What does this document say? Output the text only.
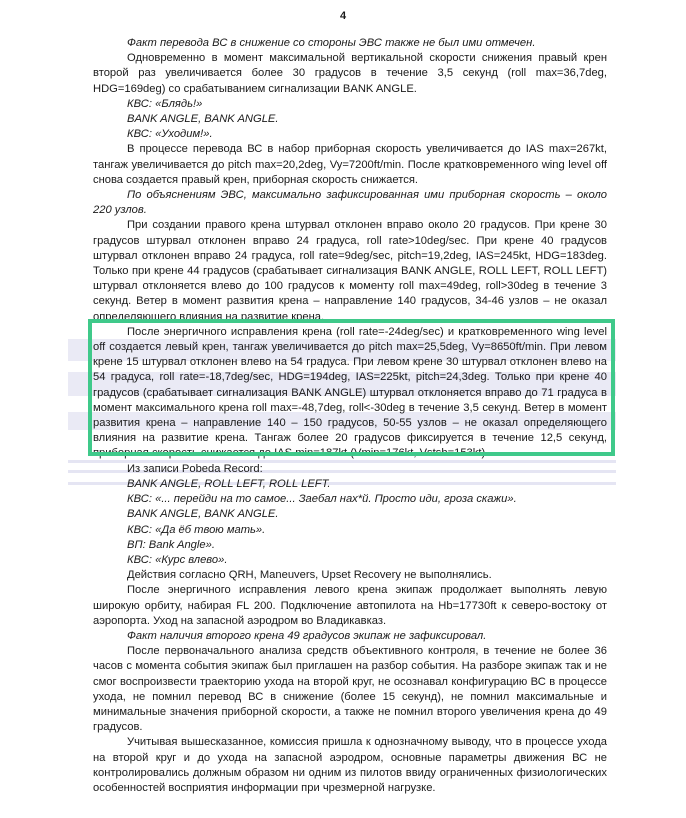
4

Факт перевода ВС в снижение со стороны ЭВС также не был ими отмечен.

Одновременно в момент максимальной вертикальной скорости снижения правый крен второй раз увеличивается более 30 градусов в течение 3,5 секунд (roll max=36,7deg, HDG=169deg) со срабатыванием сигнализации BANK ANGLE.

КВС: «Блядь!»

BANK ANGLE, BANK ANGLE.

КВС: «Уходим!».

В процессе перевода ВС в набор приборная скорость увеличивается до IAS max=267kt, тангаж увеличивается до pitch max=20,2deg, Vy=7200ft/min. После кратковременного wing level off снова создается правый крен, приборная скорость снижается.

По объяснениям ЭВС, максимально зафиксированная ими приборная скорость – около 220 узлов.

При создании правого крена штурвал отклонен вправо около 20 градусов. При крене 30 градусов штурвал отклонен вправо 24 градуса, roll rate>10deg/sec. При крене 40 градусов штурвал отклонен вправо 24 градуса, roll rate=9deg/sec, pitch=19,2deg, IAS=245kt, HDG=183deg. Только при крене 44 градусов (срабатывает сигнализация BANK ANGLE, ROLL LEFT, ROLL LEFT) штурвал отклоняется влево до 100 градусов к моменту roll max=49deg, roll>30deg в течение 3 секунд. Ветер в момент развития крена – направление 140 градусов, 34-46 узлов – не оказал определяющего влияния на развитие крена.

После энергичного исправления крена (roll rate=-24deg/sec) и кратковременного wing level off создается левый крен, тангаж увеличивается до pitch max=25,5deg, Vy=8650ft/min. При левом крене 15 штурвал отклонен влево на 54 градуса. При левом крене 30 штурвал отклонен влево на 54 градуса, roll rate=-18,7deg/sec, HDG=194deg, IAS=225kt, pitch=24,3deg. Только при крене 40 градусов (срабатывает сигнализация BANK ANGLE) штурвал отклоняется вправо до 71 градуса в момент максимального крена roll max=-48,7deg, roll<-30deg в течение 3,5 секунд. Ветер в момент развития крена – направление 140 – 150 градусов, 50-55 узлов – не оказал определяющего влияния на развитие крена. Тангаж более 20 градусов фиксируется в течение 12,5 секунд, приборная скорость снижается до IAS min=187kt (Vmin=176kt, Vstsh=153kt).

Из записи Pobeda Record:

BANK ANGLE, ROLL LEFT, ROLL LEFT.

КВС: «... перейди на то самое... Заебал нах*й. Просто иди, гроза скажи».

BANK ANGLE, BANK ANGLE.

КВС: «Да ёб твою мать».

ВП: Bank Angle».

КВС: «Курс влево».

Действия согласно QRH, Maneuvers, Upset Recovery не выполнялись.

После энергичного исправления левого крена экипаж продолжает выполнять левую широкую орбиту, набирая FL 200. Подключение автопилота на Hb=17730ft к северо-востоку от аэропорта. Уход на запасной аэродром во Владикавказ.

Факт наличия второго крена 49 градусов экипаж не зафиксировал.

После первоначального анализа средств объективного контроля, в течение не более 36 часов с момента события экипаж был приглашен на разбор события. На разборе экипаж так и не смог воспроизвести траекторию ухода на второй круг, не осознавал конфигурацию ВС в процессе ухода, не помнил перевод ВС в снижение (более 15 секунд), не помнил максимальные и минимальные значения приборной скорости, а также не помнил второго увеличения крена до 49 градусов.

Учитывая вышесказанное, комиссия пришла к однозначному выводу, что в процессе ухода на второй круг и до ухода на запасной аэродром, основные параметры движения ВС не контролировались должным образом ни одним из пилотов ввиду ограниченных физиологических особенностей восприятия информации при чрезмерной нагрузке.
